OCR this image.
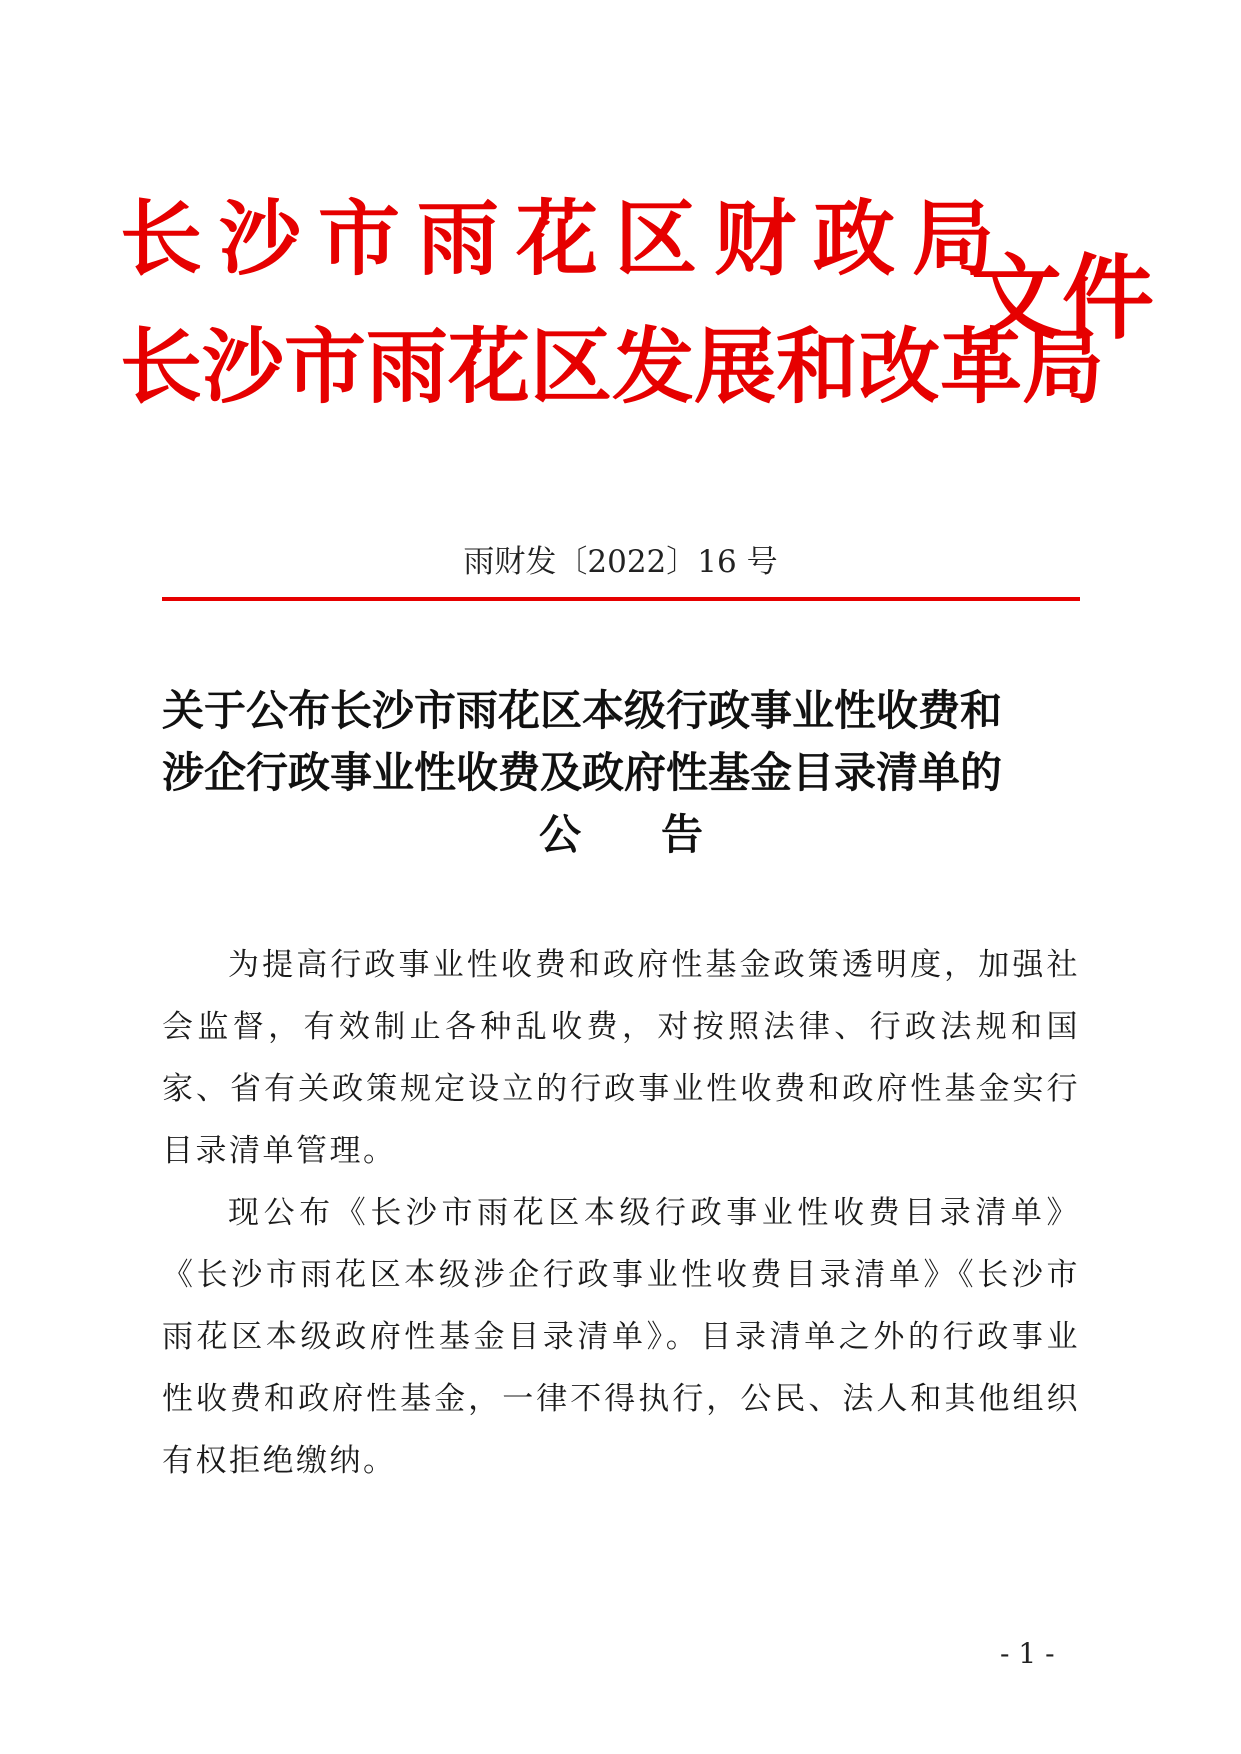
长沙市雨花区财政局
长沙市雨花区发展和改革局
文件
雨财发〔2022〕16 号
关于公布长沙市雨花区本级行政事业性收费和
涉企行政事业性收费及政府性基金目录清单的
公告

为提高行政事业性收费和政府性基金政策透明度，加强社会监督，有效制止各种乱收费，对按照法律、行政法规和国家、省有关政策规定设立的行政事业性收费和政府性基金实行目录清单管理。

现公布《长沙市雨花区本级行政事业性收费目录清单》《长沙市雨花区本级涉企行政事业性收费目录清单》《长沙市雨花区本级政府性基金目录清单》。目录清单之外的行政事业性收费和政府性基金，一律不得执行，公民、法人和其他组织有权拒绝缴纳。

- 1 -
